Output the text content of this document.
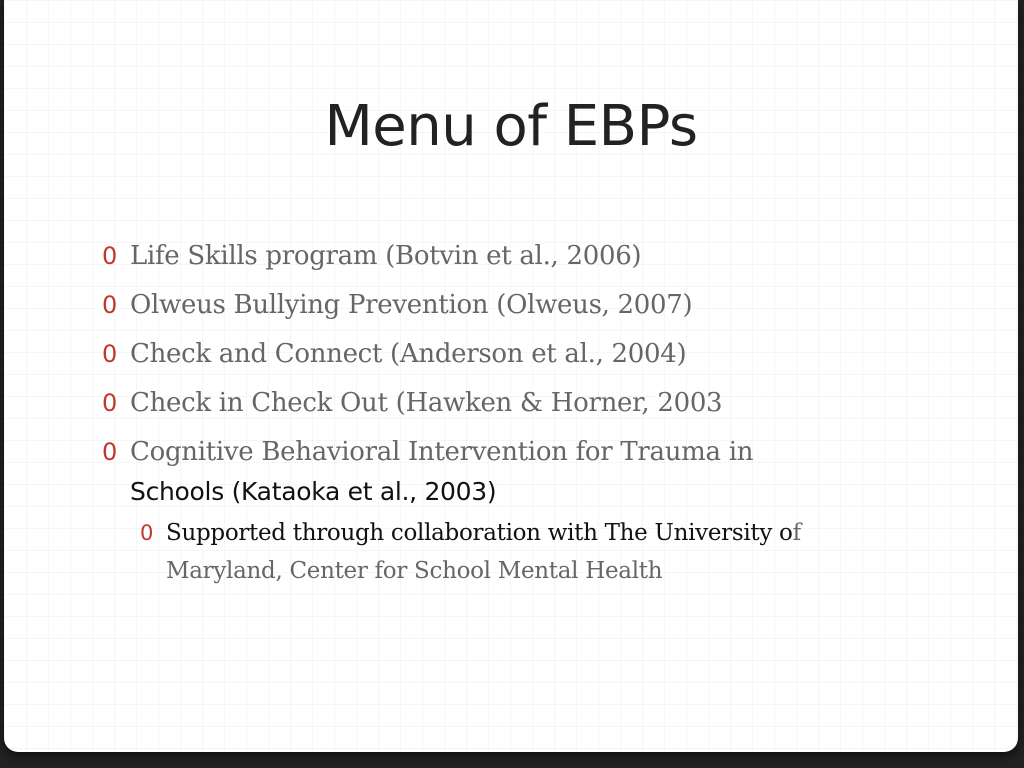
Menu of EBPs
0 Life Skills program (Botvin et al., 2006)
0 Olweus Bullying Prevention (Olweus, 2007)
0 Check and Connect (Anderson et al., 2004)
0 Check in Check Out (Hawken & Horner, 2003
0 Cognitive Behavioral Intervention for Trauma in
Schools (Kataoka et al., 2003)
0 Supported through collaboration with The University of Maryland, Center for School Mental Health
